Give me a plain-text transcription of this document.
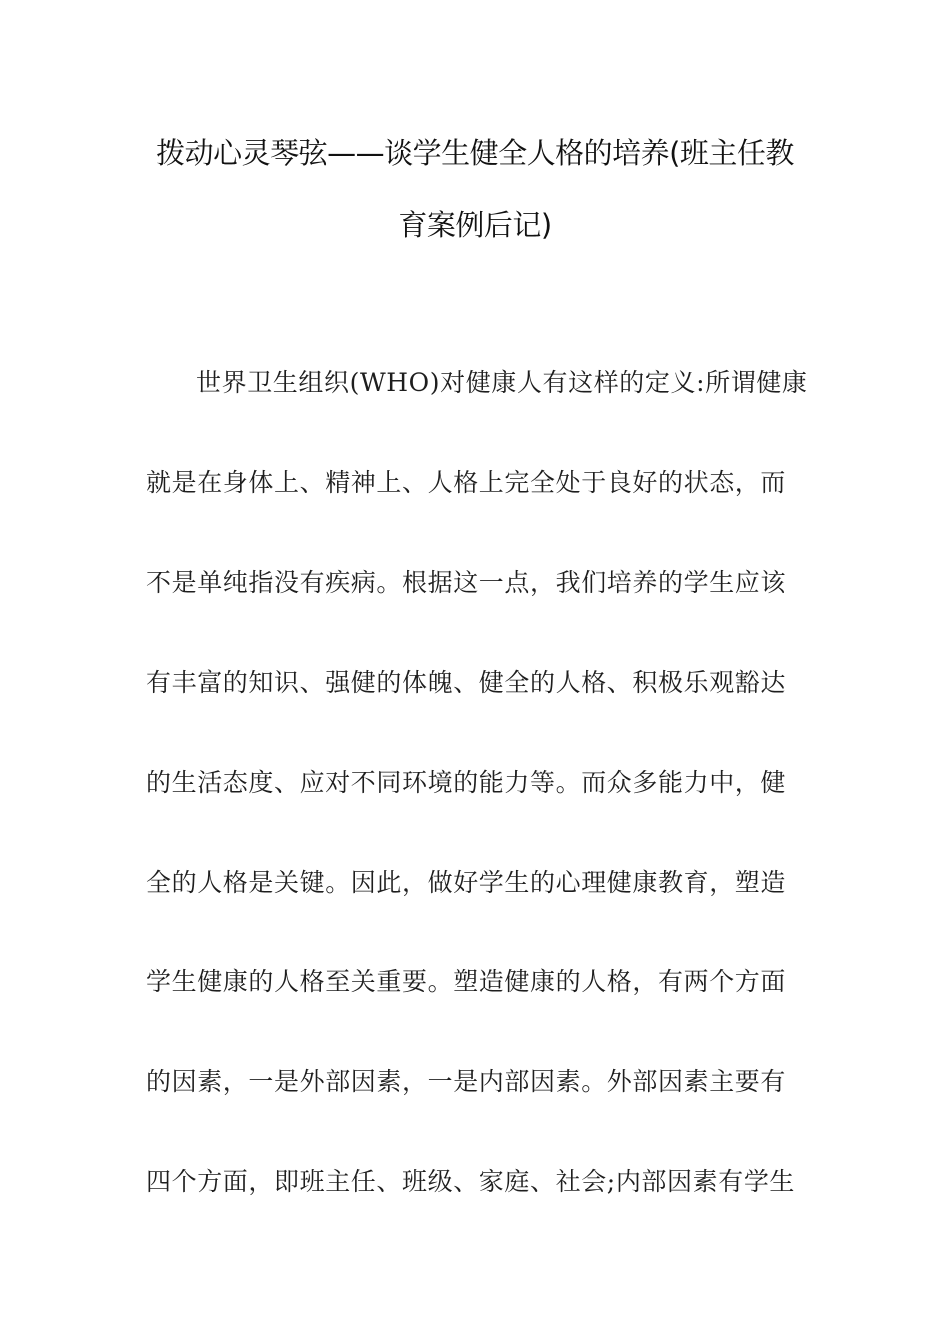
拨动心灵琴弦——谈学生健全人格的培养(班主任教
育案例后记)
世界卫生组织(WHO)对健康人有这样的定义:所谓健康
就是在身体上、精神上、人格上完全处于良好的状态，而
不是单纯指没有疾病。根据这一点，我们培养的学生应该
有丰富的知识、强健的体魄、健全的人格、积极乐观豁达
的生活态度、应对不同环境的能力等。而众多能力中，健
全的人格是关键。因此，做好学生的心理健康教育，塑造
学生健康的人格至关重要。塑造健康的人格，有两个方面
的因素，一是外部因素，一是内部因素。外部因素主要有
四个方面，即班主任、班级、家庭、社会;内部因素有学生
